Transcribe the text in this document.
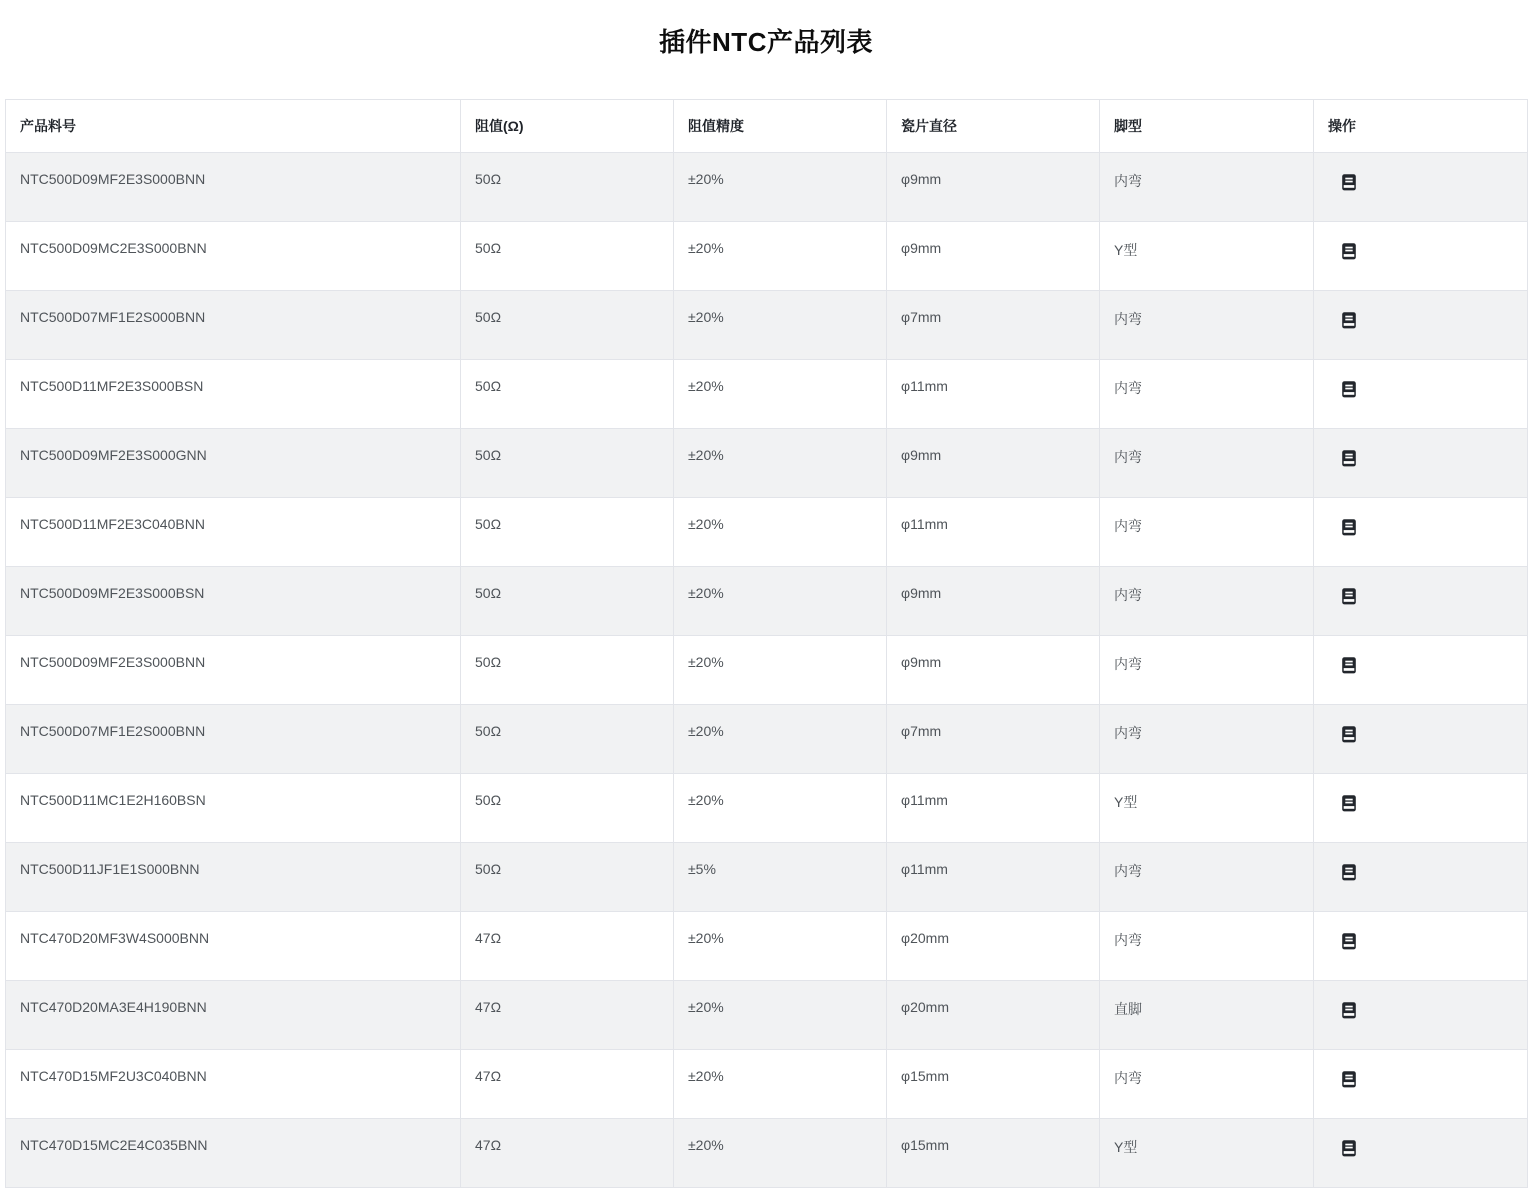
插件NTC产品列表
产品料号	阻值(Ω)	阻值精度	瓷片直径	脚型	操作
NTC500D09MF2E3S000BNN	50Ω	±20%	φ9mm	内弯	

NTC500D09MC2E3S000BNN	50Ω	±20%	φ9mm	Y型	

NTC500D07MF1E2S000BNN	50Ω	±20%	φ7mm	内弯	

NTC500D11MF2E3S000BSN	50Ω	±20%	φ11mm	内弯	

NTC500D09MF2E3S000GNN	50Ω	±20%	φ9mm	内弯	

NTC500D11MF2E3C040BNN	50Ω	±20%	φ11mm	内弯	

NTC500D09MF2E3S000BSN	50Ω	±20%	φ9mm	内弯	

NTC500D09MF2E3S000BNN	50Ω	±20%	φ9mm	内弯	

NTC500D07MF1E2S000BNN	50Ω	±20%	φ7mm	内弯	

NTC500D11MC1E2H160BSN	50Ω	±20%	φ11mm	Y型	

NTC500D11JF1E1S000BNN	50Ω	±5%	φ11mm	内弯	

NTC470D20MF3W4S000BNN	47Ω	±20%	φ20mm	内弯	

NTC470D20MA3E4H190BNN	47Ω	±20%	φ20mm	直脚	

NTC470D15MF2U3C040BNN	47Ω	±20%	φ15mm	内弯	

NTC470D15MC2E4C035BNN	47Ω	±20%	φ15mm	Y型	
